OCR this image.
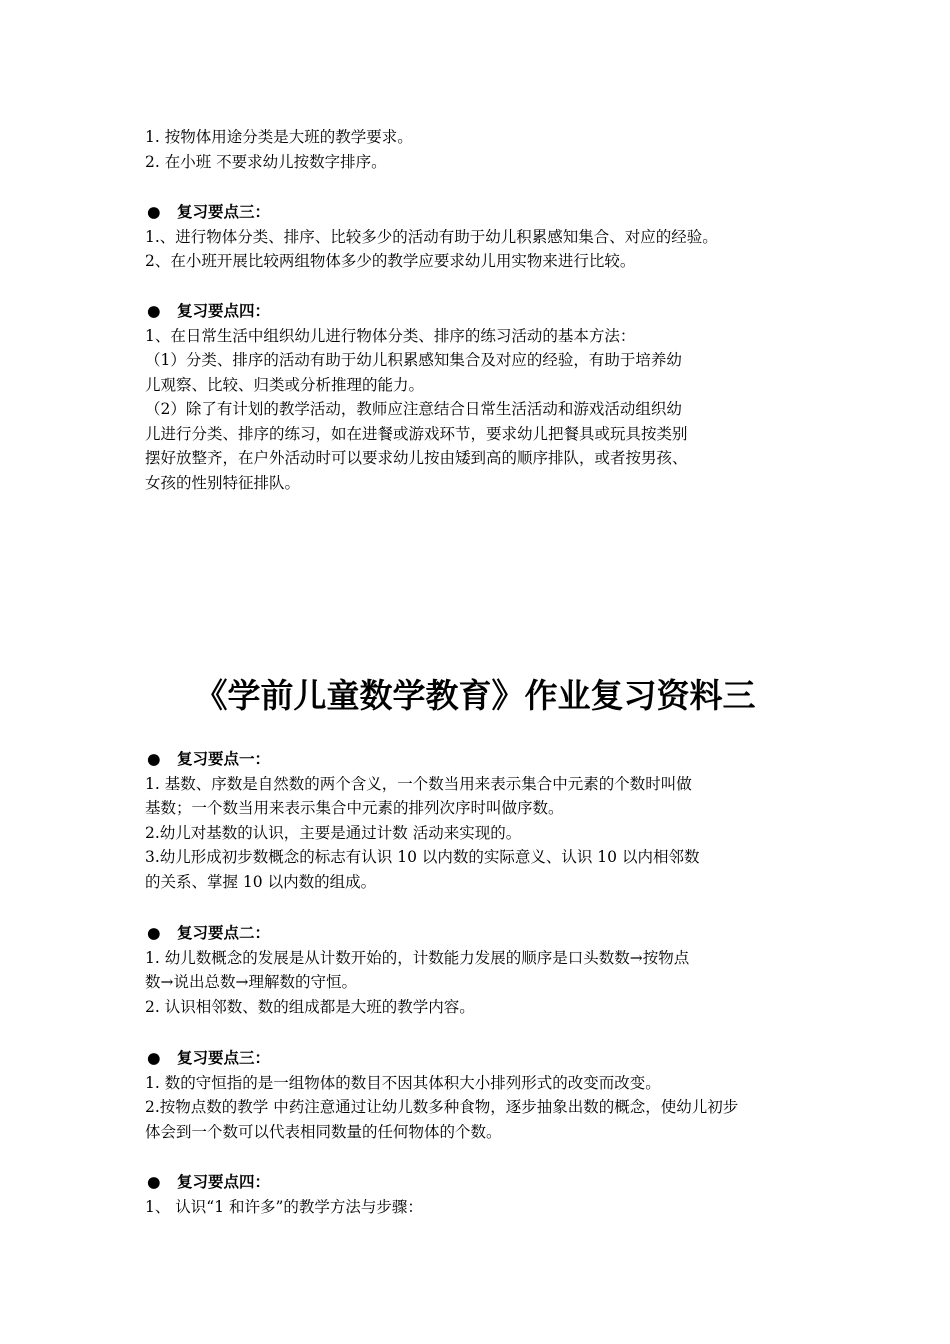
1. 按物体用途分类是大班的教学要求。
2. 在小班 不要求幼儿按数字排序。
● 复习要点三：
1.、进行物体分类、排序、比较多少的活动有助于幼儿积累感知集合、对应的经验。
2、在小班开展比较两组物体多少的教学应要求幼儿用实物来进行比较。
● 复习要点四：
1、在日常生活中组织幼儿进行物体分类、排序的练习活动的基本方法：
（1）分类、排序的活动有助于幼儿积累感知集合及对应的经验，有助于培养幼
儿观察、比较、归类或分析推理的能力。
（2）除了有计划的教学活动，教师应注意结合日常生活活动和游戏活动组织幼
儿进行分类、排序的练习，如在进餐或游戏环节，要求幼儿把餐具或玩具按类别
摆好放整齐，在户外活动时可以要求幼儿按由矮到高的顺序排队，或者按男孩、
女孩的性别特征排队。
《学前儿童数学教育》作业复习资料三
● 复习要点一：
1. 基数、序数是自然数的两个含义，一个数当用来表示集合中元素的个数时叫做
基数；一个数当用来表示集合中元素的排列次序时叫做序数。
2.幼儿对基数的认识，主要是通过计数 活动来实现的。
3.幼儿形成初步数概念的标志有认识 10 以内数的实际意义、认识 10 以内相邻数
的关系、掌握 10 以内数的组成。
● 复习要点二：
1. 幼儿数概念的发展是从计数开始的，计数能力发展的顺序是口头数数→按物点
数→说出总数→理解数的守恒。
2. 认识相邻数、数的组成都是大班的教学内容。
● 复习要点三：
1. 数的守恒指的是一组物体的数目不因其体积大小排列形式的改变而改变。
2.按物点数的教学 中药注意通过让幼儿数多种食物，逐步抽象出数的概念，使幼儿初步
体会到一个数可以代表相同数量的任何物体的个数。
● 复习要点四：
1、 认识“1 和许多”的教学方法与步骤：
